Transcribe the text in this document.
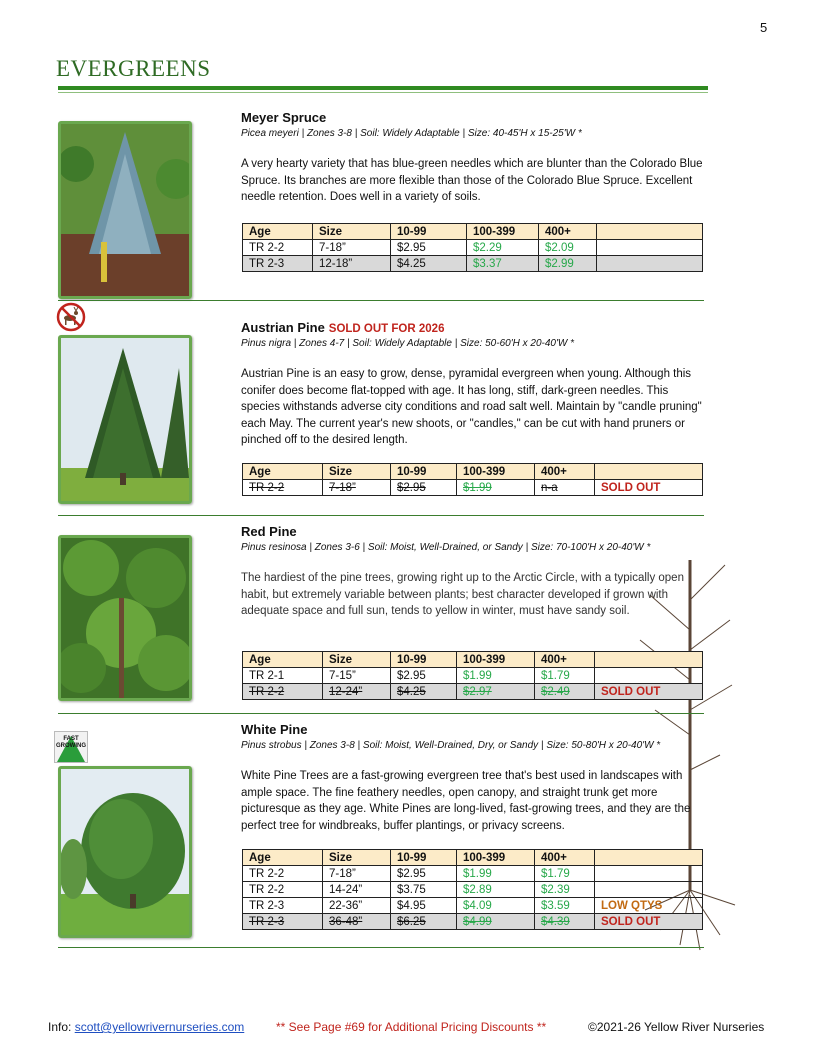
5
EVERGREENS
Meyer Spruce
Picea meyeri | Zones 3-8 | Soil: Widely Adaptable | Size: 40-45'H x 15-25'W *
A very hearty variety that has blue-green needles which are blunter than the Colorado Blue Spruce. Its branches are more flexible than those of the Colorado Blue Spruce. Excellent needle retention. Does well in a variety of soils.
Age	Size	10-99	100-399	400+	
TR 2-2	7-18”	$2.95	$2.29	$2.09	
TR 2-3	12-18”	$4.25	$3.37	$2.99	
Austrian Pine SOLD OUT FOR 2026
Pinus nigra | Zones 4-7 | Soil: Widely Adaptable | Size: 50-60'H x 20-40'W *
Austrian Pine is an easy to grow, dense, pyramidal evergreen when young. Although this conifer does become flat-topped with age. It has long, stiff, dark-green needles. This species withstands adverse city conditions and road salt well. Maintain by "candle pruning" each May. The current year's new shoots, or "candles," can be cut with hand pruners or pinched off to the desired length.
Age	Size	10-99	100-399	400+	
TR 2-2	7-18”	$2.95	$1.99	n-a	SOLD OUT
Red Pine
Pinus resinosa | Zones 3-6 | Soil: Moist, Well-Drained, or Sandy | Size: 70-100'H x 20-40'W *
The hardiest of the pine trees, growing right up to the Arctic Circle, with a typically open habit, but extremely variable between plants; best character developed if grown with adequate space and full sun, tends to yellow in winter, must have sandy soil.
Age	Size	10-99	100-399	400+	
TR 2-1	7-15”	$2.95	$1.99	$1.79	
TR 2-2	12-24”	$4.25	$2.97	$2.49	SOLD OUT
FAST
GROWING
White Pine
Pinus strobus | Zones 3-8 | Soil: Moist, Well-Drained, Dry, or Sandy | Size: 50-80'H x 20-40'W *
White Pine Trees are a fast-growing evergreen tree that's best used in landscapes with ample space. The fine feathery needles, open canopy, and straight trunk get more picturesque as they age. White Pines are long-lived, fast-growing trees, and they are the perfect tree for windbreaks, buffer plantings, or privacy screens.
Age	Size	10-99	100-399	400+	
TR 2-2	7-18”	$2.95	$1.99	$1.79	
TR 2-2	14-24”	$3.75	$2.89	$2.39	
TR 2-3	22-36”	$4.95	$4.09	$3.59	LOW QTYS
TR 2-3	36-48”	$6.25	$4.99	$4.39	SOLD OUT
Info: scott@yellowrivernurseries.com	** See Page #69 for Additional Pricing Discounts **	©2021-26 Yellow River Nurseries
